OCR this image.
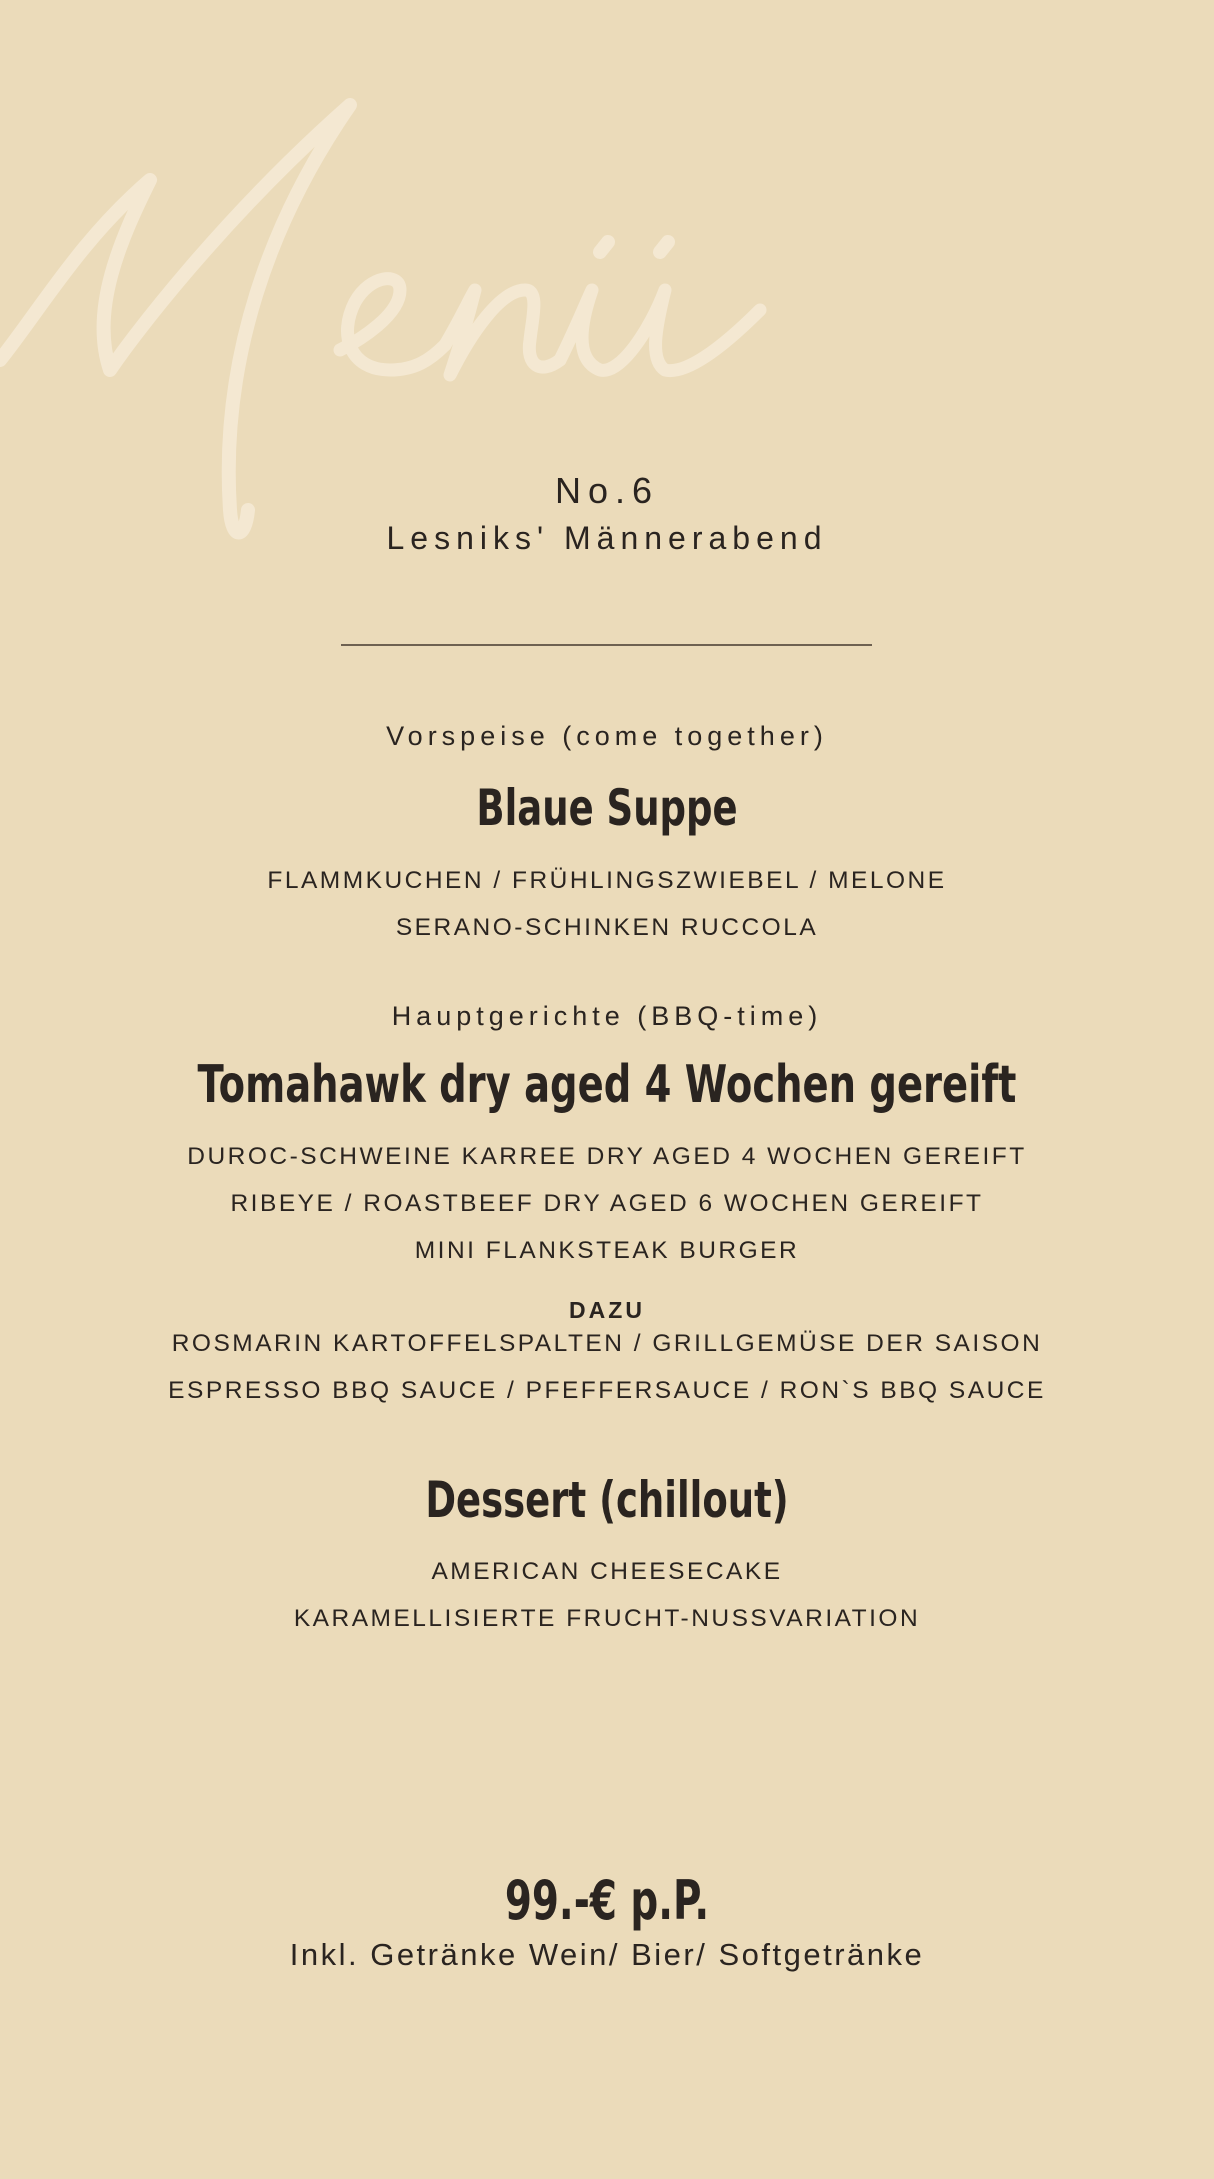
No.6
Lesniks' Männerabend
Vorspeise (come together)
Blaue Suppe
FLAMMKUCHEN / FRÜHLINGSZWIEBEL / MELONE
SERANO-SCHINKEN RUCCOLA
Hauptgerichte (BBQ-time)
Tomahawk dry aged 4 Wochen gereift
DUROC-SCHWEINE KARREE DRY AGED 4 WOCHEN GEREIFT
RIBEYE / ROASTBEEF DRY AGED 6 WOCHEN GEREIFT
MINI FLANKSTEAK BURGER
DAZU
ROSMARIN KARTOFFELSPALTEN / GRILLGEMÜSE DER SAISON
ESPRESSO BBQ SAUCE / PFEFFERSAUCE / RON`S BBQ SAUCE
Dessert (chillout)
AMERICAN CHEESECAKE
KARAMELLISIERTE FRUCHT-NUSSVARIATION
99.-€ p.P.
Inkl. Getränke Wein/ Bier/ Softgetränke
